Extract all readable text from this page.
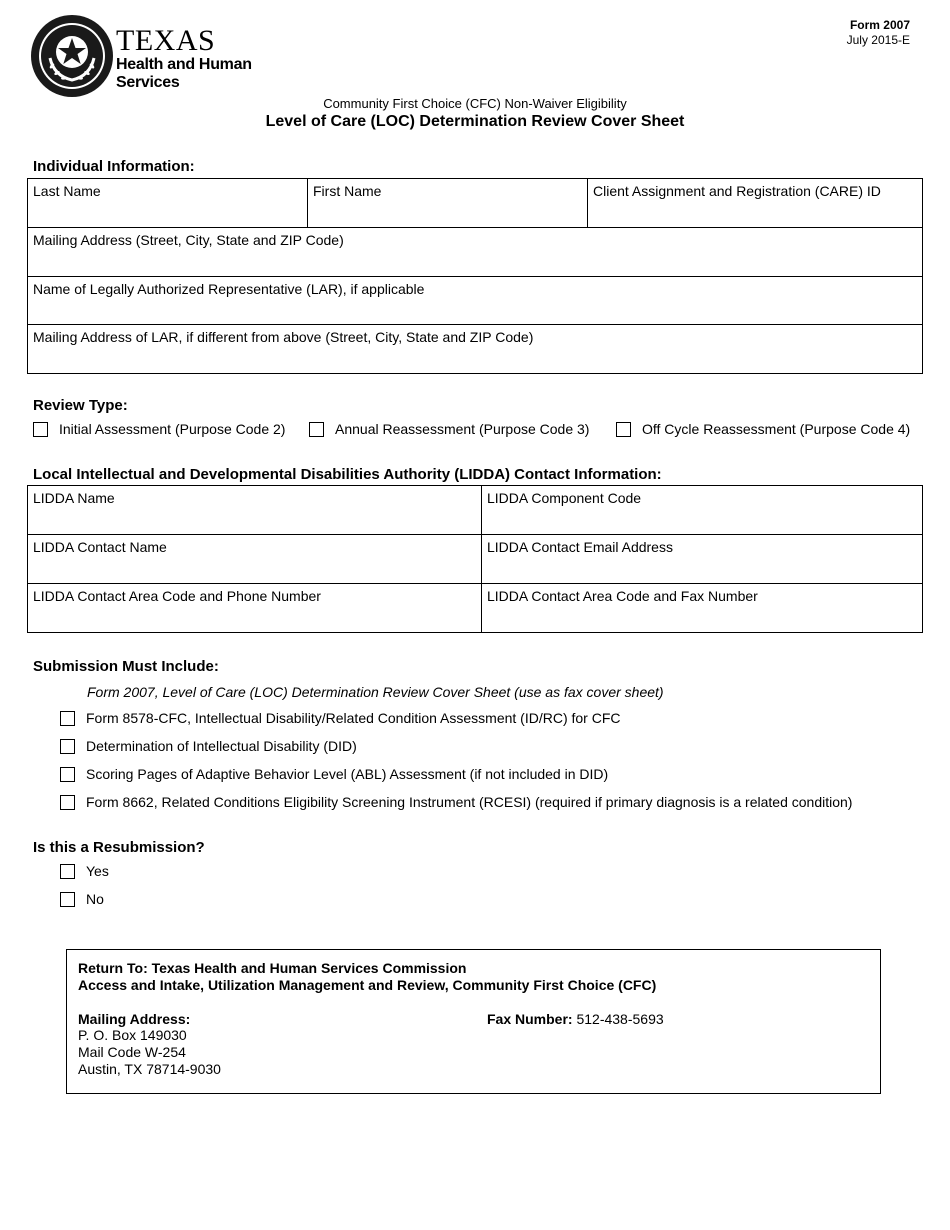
TEXAS
Health and Human
Services
Form 2007
July 2015-E
Community First Choice (CFC) Non-Waiver Eligibility
Level of Care (LOC) Determination Review Cover Sheet
Individual Information:
Last Name	First Name	Client Assignment and Registration (CARE) ID
Mailing Address (Street, City, State and ZIP Code)
Name of Legally Authorized Representative (LAR), if applicable
Mailing Address of LAR, if different from above (Street, City, State and ZIP Code)
Review Type:
Initial Assessment (Purpose Code 2)	Annual Reassessment (Purpose Code 3)	Off Cycle Reassessment (Purpose Code 4)
Local Intellectual and Developmental Disabilities Authority (LIDDA) Contact Information:
LIDDA Name	LIDDA Component Code
LIDDA Contact Name	LIDDA Contact Email Address
LIDDA Contact Area Code and Phone Number	LIDDA Contact Area Code and Fax Number
Submission Must Include:
Form 2007, Level of Care (LOC) Determination Review Cover Sheet (use as fax cover sheet)
Form 8578-CFC, Intellectual Disability/Related Condition Assessment (ID/RC) for CFC
Determination of Intellectual Disability (DID)
Scoring Pages of Adaptive Behavior Level (ABL) Assessment (if not included in DID)
Form 8662, Related Conditions Eligibility Screening Instrument (RCESI) (required if primary diagnosis is a related condition)
Is this a Resubmission?
Yes
No
Return To: Texas Health and Human Services Commission
Access and Intake, Utilization Management and Review, Community First Choice (CFC)
Mailing Address:
P. O. Box 149030
Mail Code W-254
Austin, TX 78714-9030
Fax Number: 512-438-5693
